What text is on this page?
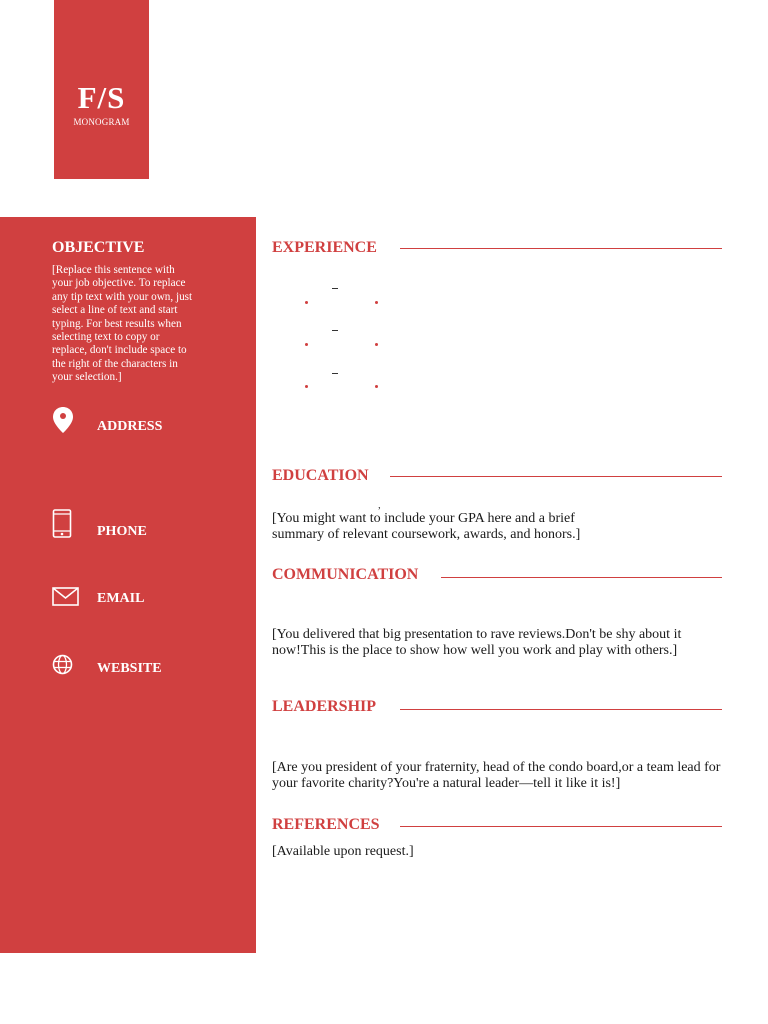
F/S
MONOGRAM
OBJECTIVE
[Replace this sentence with your job objective. To replace any tip text with your own, just select a line of text and start typing. For best results when selecting text to copy or replace, don't include space to the right of the characters in your selection.]
ADDRESS
PHONE
EMAIL
WEBSITE
EXPERIENCE
EDUCATION
,
[You might want to include your GPA here and a brief summary of relevant coursework, awards, and honors.]
COMMUNICATION
[You delivered that big presentation to rave reviews.Don't be shy about it now!This is the place to show how well you work and play with others.]
LEADERSHIP
[Are you president of your fraternity, head of the condo board,or a team lead for your favorite charity?You're a natural leader—tell it like it is!]
REFERENCES
[Available upon request.]
